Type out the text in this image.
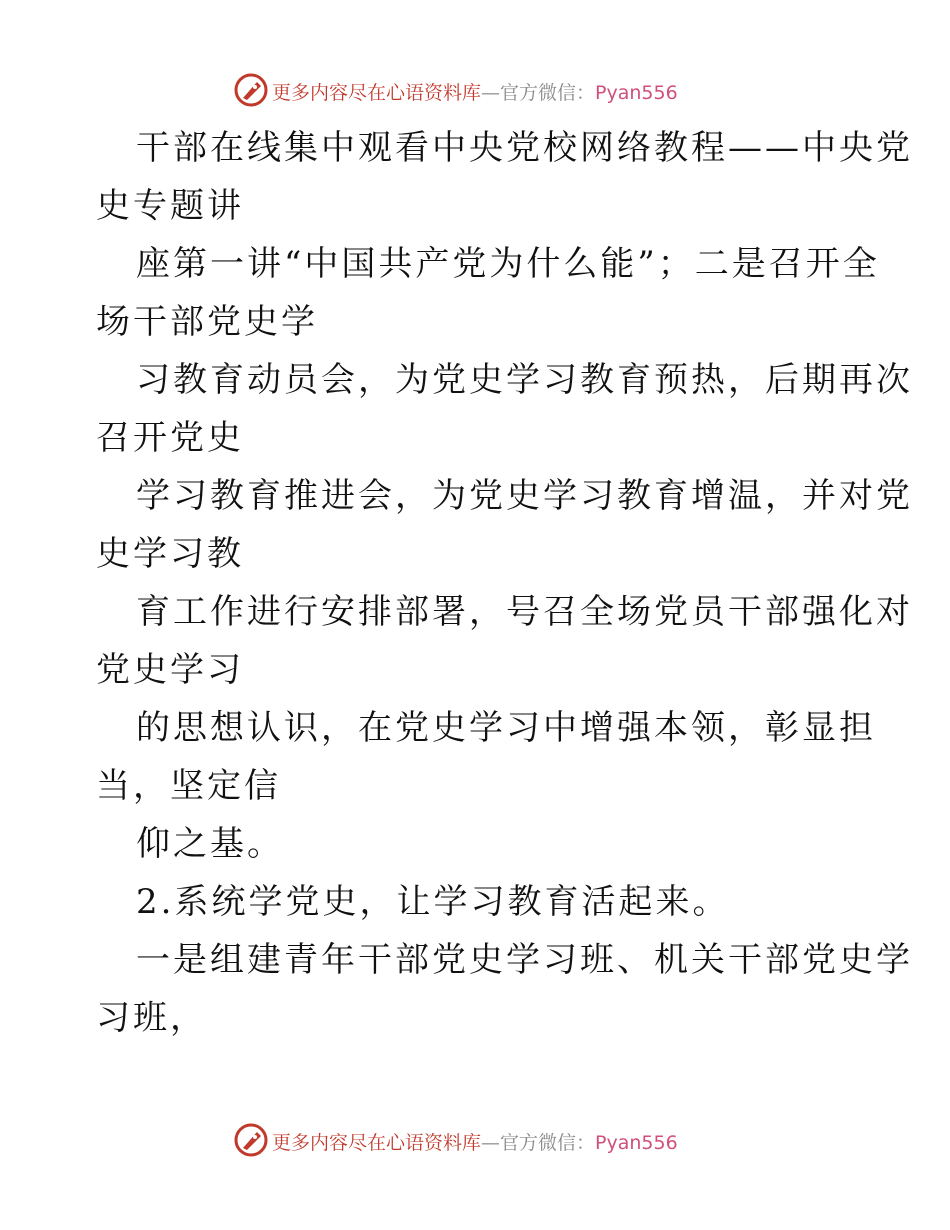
更多内容尽在心语资料库—官方微信：Pyan556
干部在线集中观看中央党校网络教程——中央党
史专题讲
座第一讲“中国共产党为什么能”；二是召开全
场干部党史学
习教育动员会，为党史学习教育预热，后期再次
召开党史
学习教育推进会，为党史学习教育增温，并对党
史学习教
育工作进行安排部署，号召全场党员干部强化对
党史学习
的思想认识，在党史学习中增强本领，彰显担
当，坚定信
仰之基。
2.系统学党史，让学习教育活起来。
一是组建青年干部党史学习班、机关干部党史学
习班，
更多内容尽在心语资料库—官方微信：Pyan556
